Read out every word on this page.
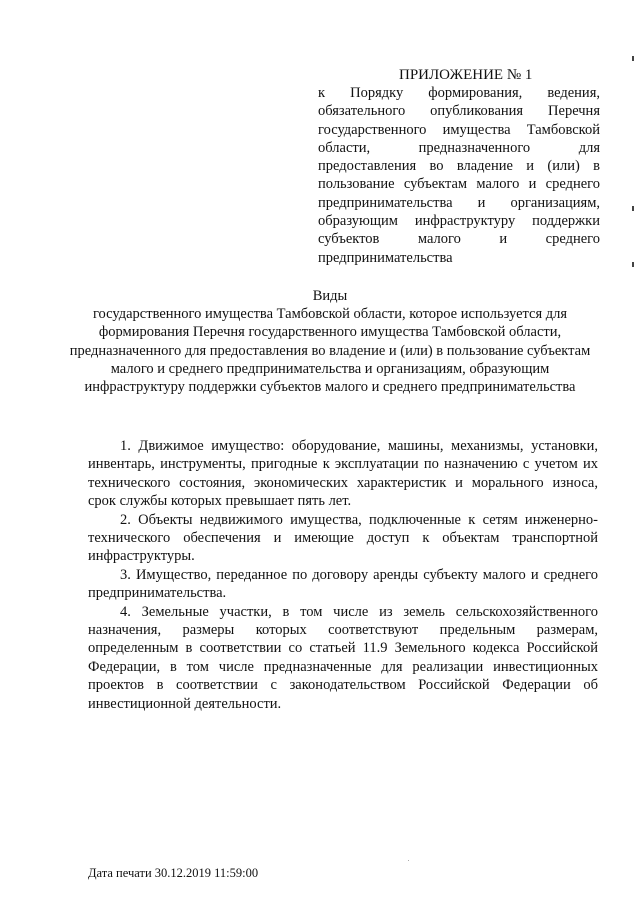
ПРИЛОЖЕНИЕ № 1
к Порядку формирования, ведения, обязательного опубликования Перечня государственного имущества Тамбовской области, предназначенного для предоставления во владение и (или) в пользование субъектам малого и среднего предпринимательства и организациям, образующим инфраструктуру поддержки субъектов малого и среднего предпринимательства
Виды
государственного имущества Тамбовской области, которое используется для формирования Перечня государственного имущества Тамбовской области, предназначенного для предоставления во владение и (или) в пользование субъектам малого и среднего предпринимательства и организациям, образующим инфраструктуру поддержки субъектов малого и среднего предпринимательства

1. Движимое имущество: оборудование, машины, механизмы, установки, инвентарь, инструменты, пригодные к эксплуатации по назначению с учетом их технического состояния, экономических характеристик и морального износа, срок службы которых превышает пять лет.

2. Объекты недвижимого имущества, подключенные к сетям инженерно-технического обеспечения и имеющие доступ к объектам транспортной инфраструктуры.

3. Имущество, переданное по договору аренды субъекту малого и среднего предпринимательства.

4. Земельные участки, в том числе из земель сельскохозяйственного назначения, размеры которых соответствуют предельным размерам, определенным в соответствии со статьей 11.9 Земельного кодекса Российской Федерации, в том числе предназначенные для реализации инвестиционных проектов в соответствии с законодательством Российской Федерации об инвестиционной деятельности.

Дата печати 30.12.2019 11:59:00
